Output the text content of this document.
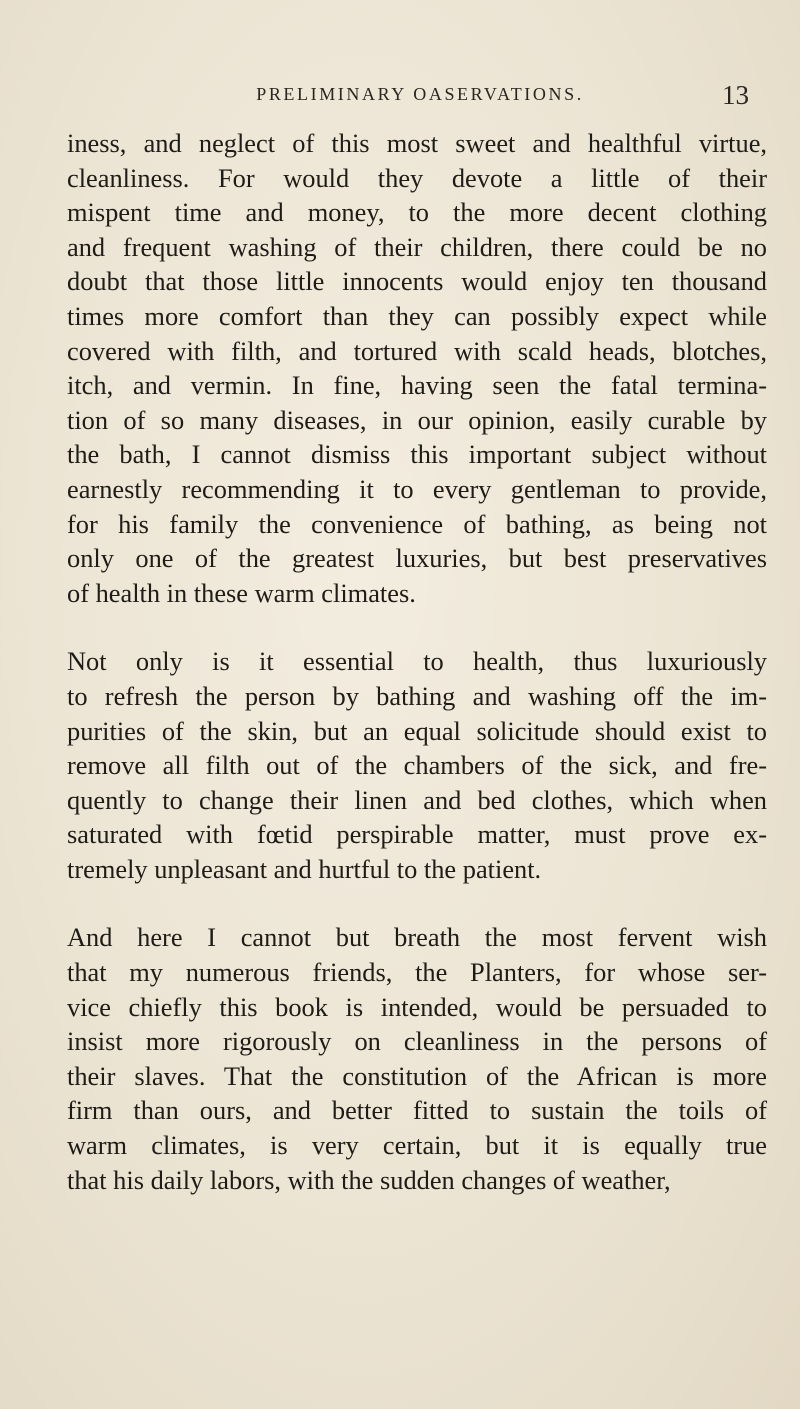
PRELIMINARY OASERVATIONS.	13

iness, and neglect of this most sweet and healthful virtue,
cleanliness. For would they devote a little of their
mispent time and money, to the more decent clothing
and frequent washing of their children, there could be no
doubt that those little innocents would enjoy ten thousand
times more comfort than they can possibly expect while
covered with filth, and tortured with scald heads, blotches,
itch, and vermin. In fine, having seen the fatal termina-
tion of so many diseases, in our opinion, easily curable by
the bath, I cannot dismiss this important subject without
earnestly recommending it to every gentleman to provide,
for his family the convenience of bathing, as being not
only one of the greatest luxuries, but best preservatives
of health in these warm climates.

Not only is it essential to health, thus luxuriously
to refresh the person by bathing and washing off the im-
purities of the skin, but an equal solicitude should exist to
remove all filth out of the chambers of the sick, and fre-
quently to change their linen and bed clothes, which when
saturated with fœtid perspirable matter, must prove ex-
tremely unpleasant and hurtful to the patient.

And here I cannot but breath the most fervent wish
that my numerous friends, the Planters, for whose ser-
vice chiefly this book is intended, would be persuaded to
insist more rigorously on cleanliness in the persons of
their slaves. That the constitution of the African is more
firm than ours, and better fitted to sustain the toils of
warm climates, is very certain, but it is equally true
that his daily labors, with the sudden changes of weather,
